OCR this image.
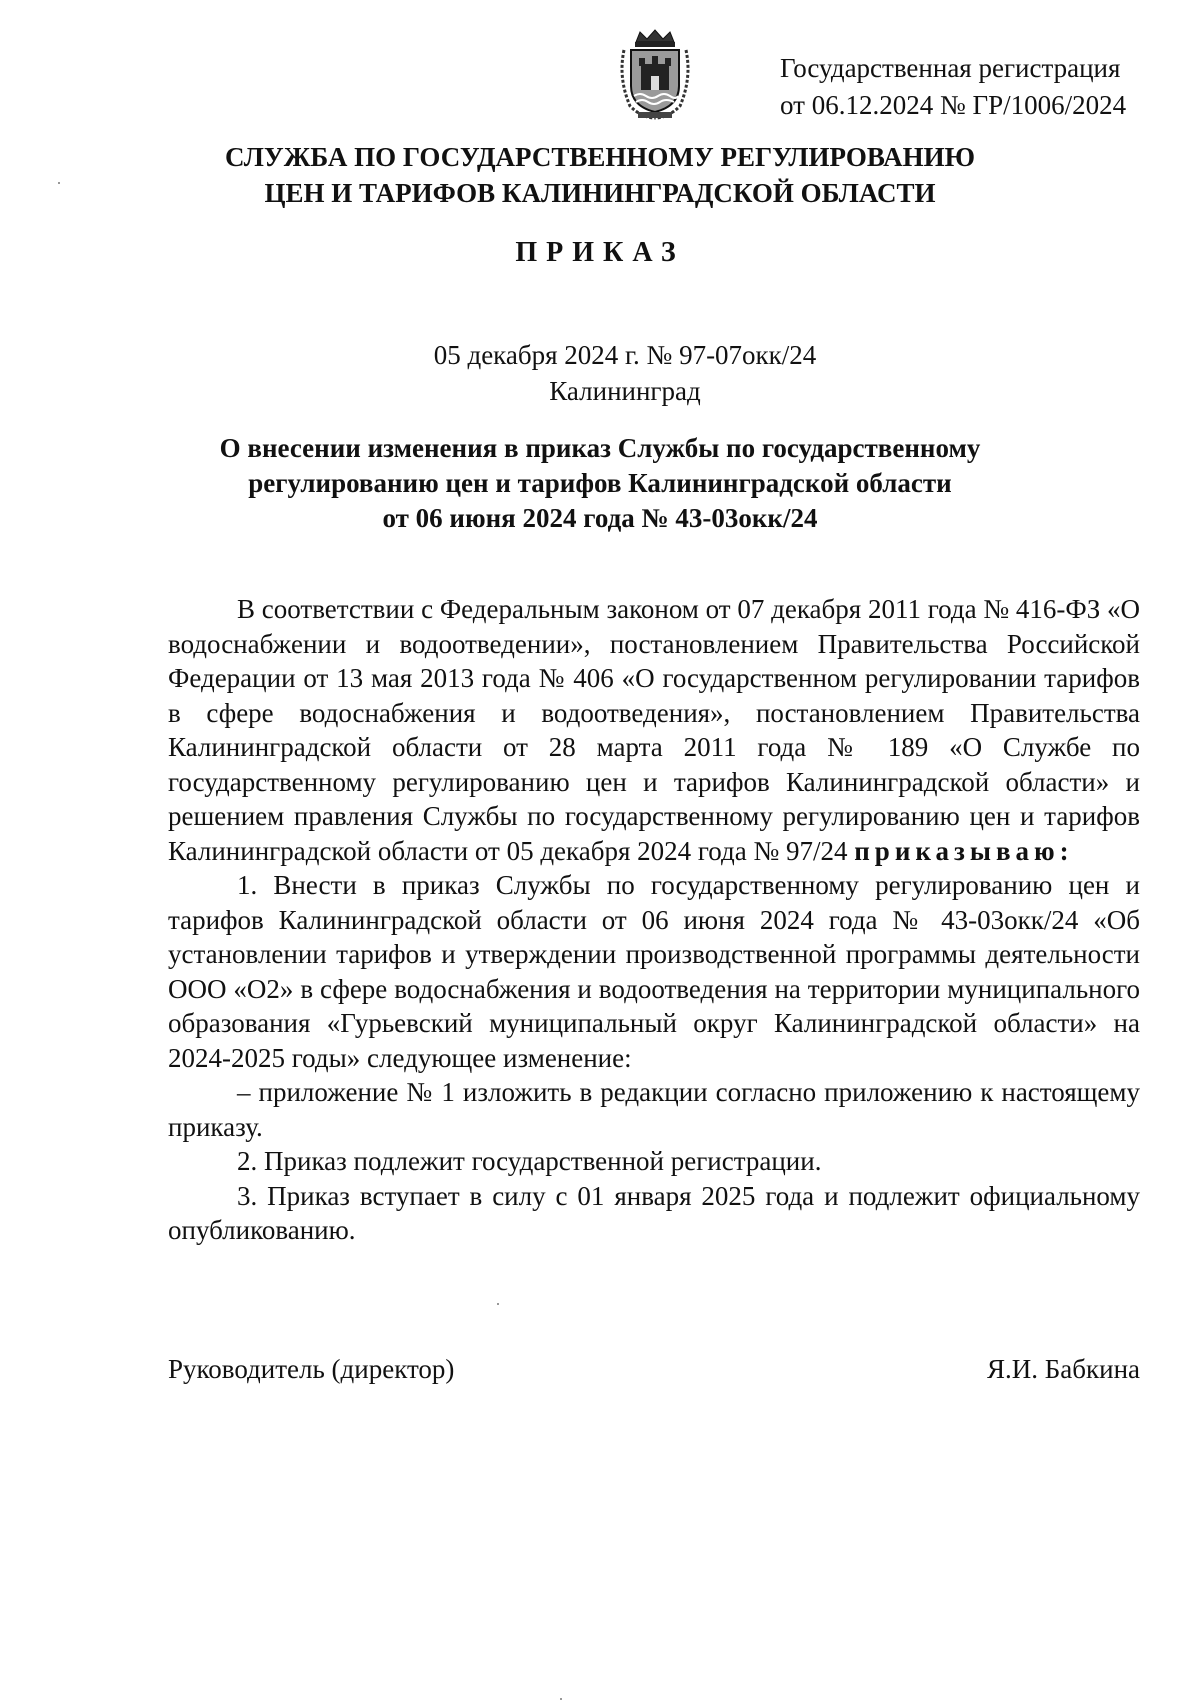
Государственная регистрация
от 06.12.2024 № ГР/1006/2024
СЛУЖБА ПО ГОСУДАРСТВЕННОМУ РЕГУЛИРОВАНИЮ
ЦЕН И ТАРИФОВ КАЛИНИНГРАДСКОЙ ОБЛАСТИ
ПРИКАЗ
05 декабря 2024 г. № 97-07окк/24
Калининград
О внесении изменения в приказ Службы по государственному
регулированию цен и тарифов Калининградской области
от 06 июня 2024 года № 43-03окк/24

В соответствии с Федеральным законом от 07 декабря 2011 года № 416-ФЗ «О водоснабжении и водоотведении», постановлением Правительства Российской Федерации от 13 мая 2013 года № 406 «О государственном регулировании тарифов в сфере водоснабжения и водоотведения», постановлением Правительства Калининградской области от 28 марта 2011 года № 189 «О Службе по государственному регулированию цен и тарифов Калининградской области» и решением правления Службы по государственному регулированию цен и тарифов Калининградской области от 05 декабря 2024 года № 97/24 приказываю:

1. Внести в приказ Службы по государственному регулированию цен и тарифов Калининградской области от 06 июня 2024 года № 43-03окк/24 «Об установлении тарифов и утверждении производственной программы деятельности ООО «О2» в сфере водоснабжения и водоотведения на территории муниципального образования «Гурьевский муниципальный округ Калининградской области» на 2024-2025 годы» следующее изменение:

– приложение № 1 изложить в редакции согласно приложению к настоящему приказу.

2. Приказ подлежит государственной регистрации.

3. Приказ вступает в силу с 01 января 2025 года и подлежит официальному опубликованию.

Руководитель (директор)	Я.И. Бабкина
